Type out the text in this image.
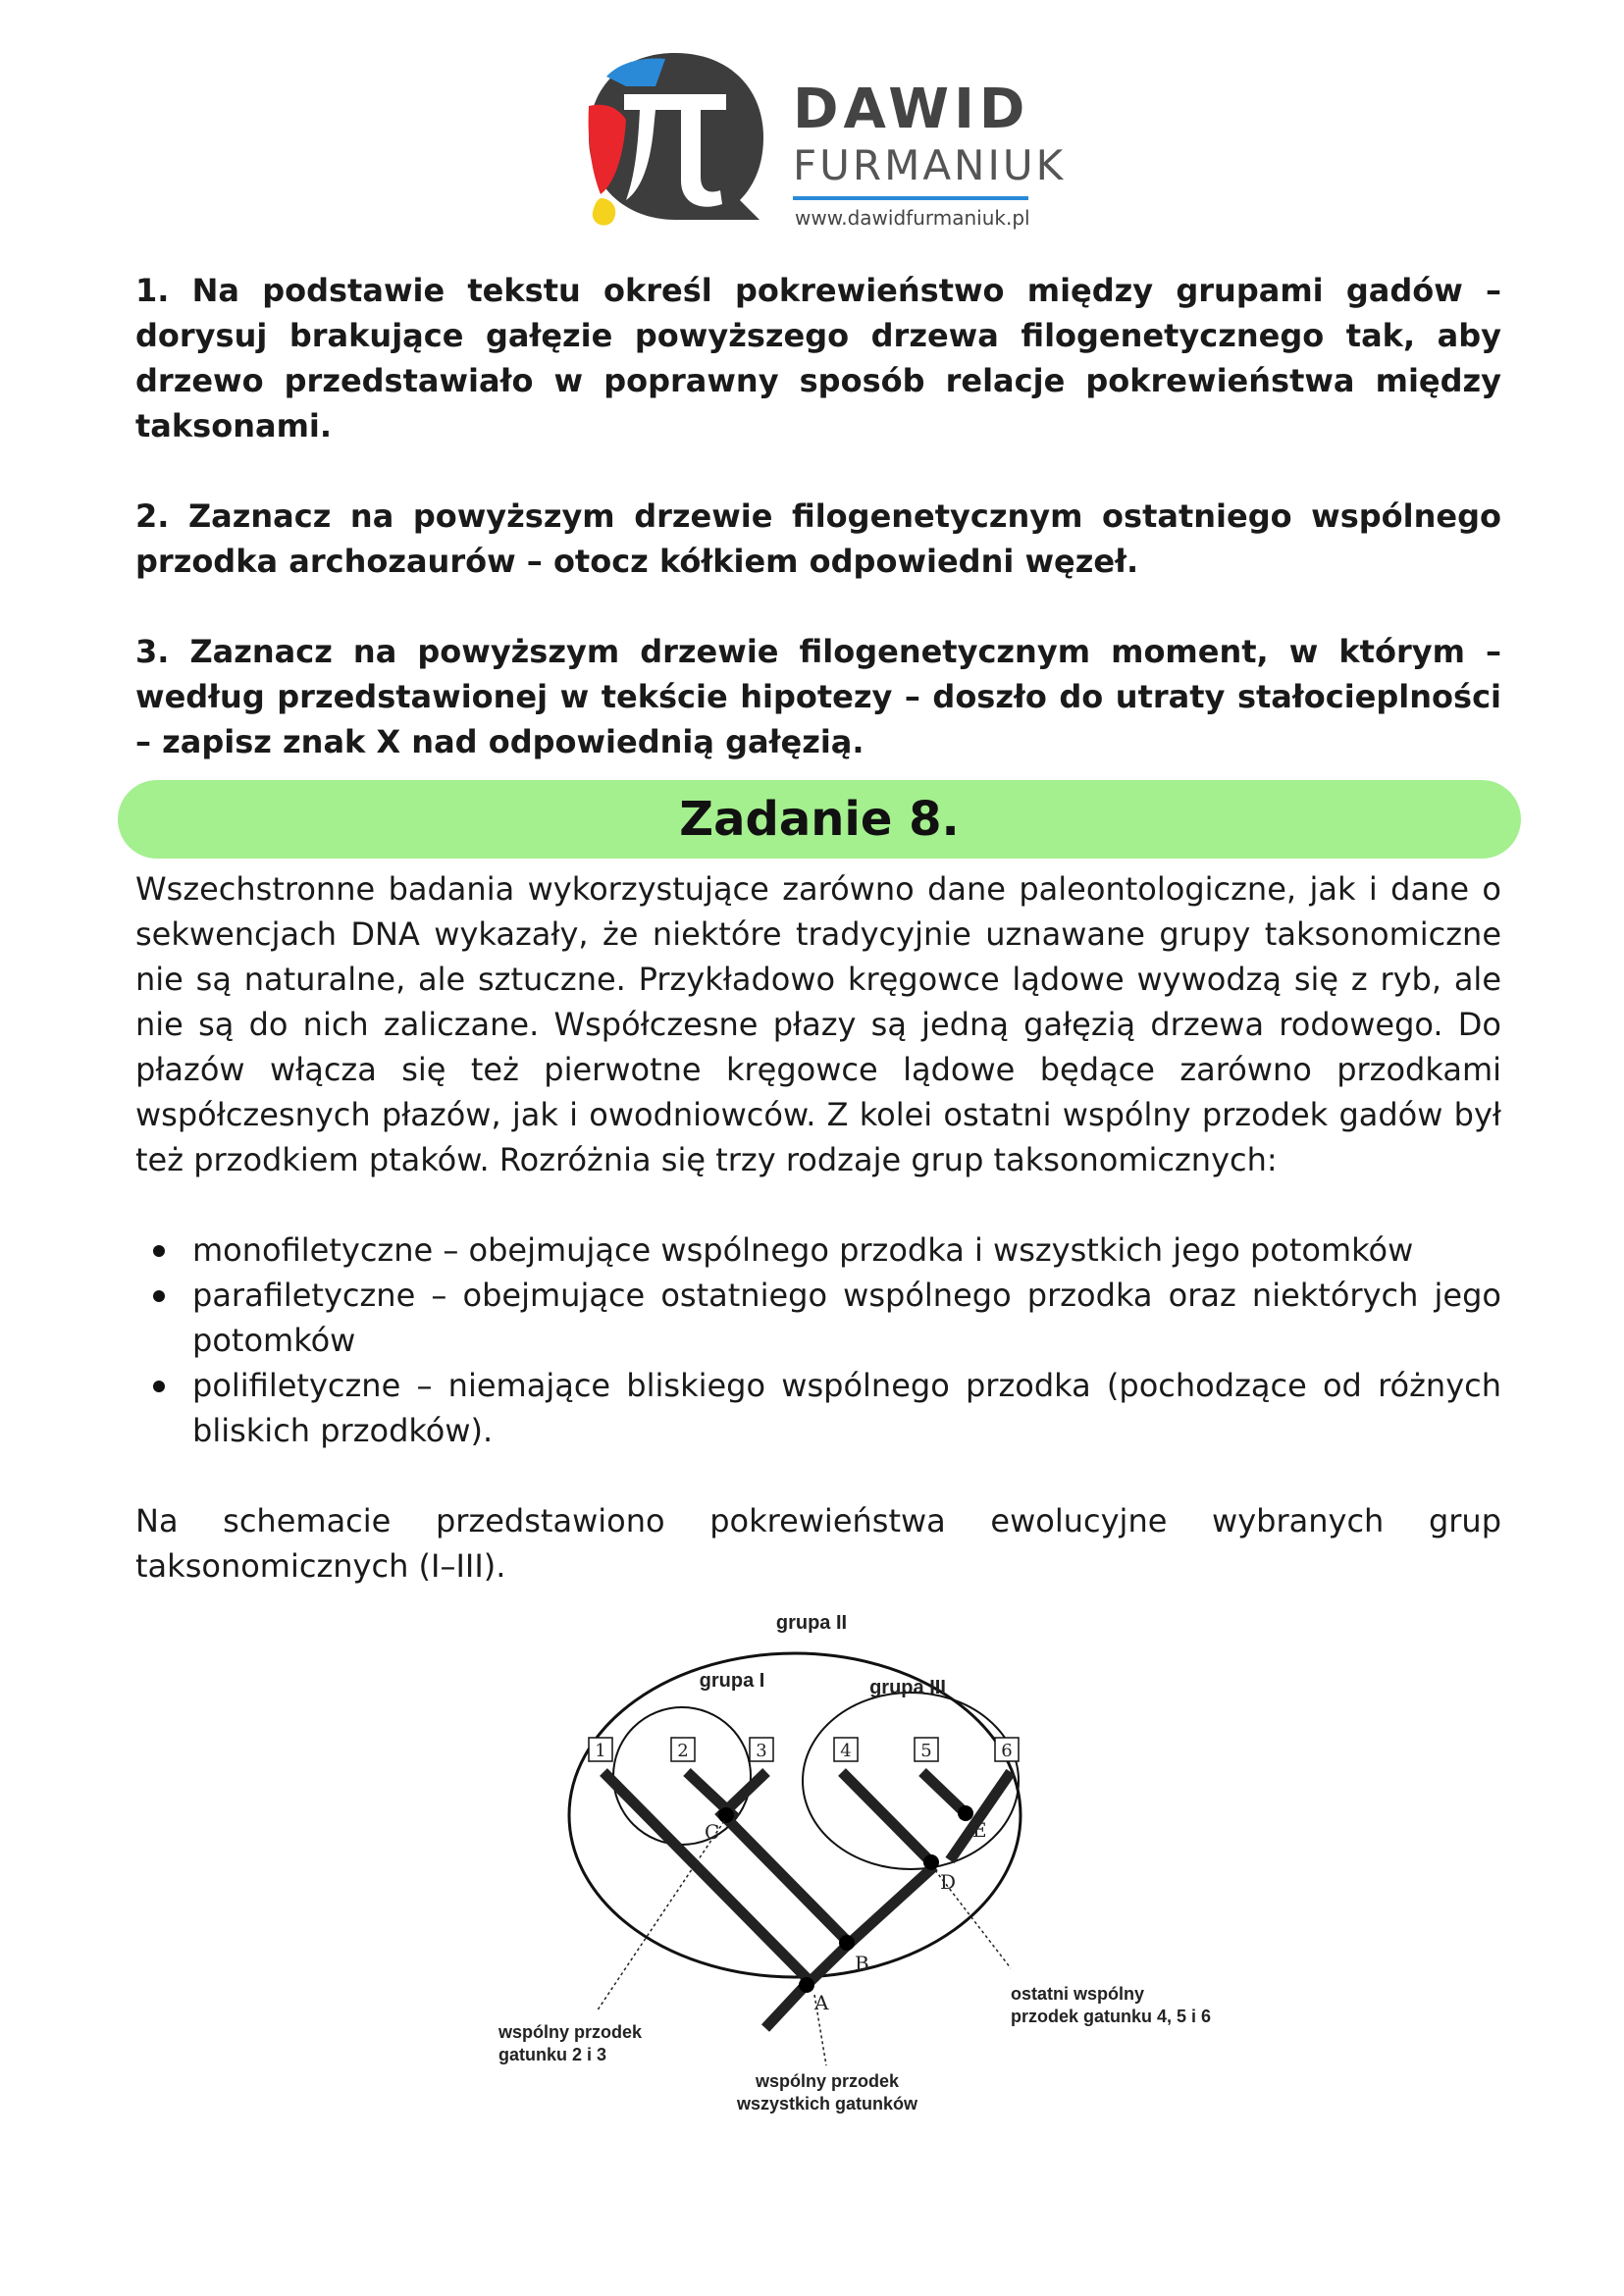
DAWID
FURMANIUK
www.dawidfurmaniuk.pl

1. Na podstawie tekstu określ pokrewieństwo między grupami gadów – dorysuj brakujące gałęzie powyższego drzewa filogenetycznego tak, aby drzewo przedstawiało w poprawny sposób relacje pokrewieństwa między taksonami.

2. Zaznacz na powyższym drzewie filogenetycznym ostatniego wspólnego przodka archozaurów – otocz kółkiem odpowiedni węzeł.

3. Zaznacz na powyższym drzewie filogenetycznym moment, w którym – według przedstawionej w tekście hipotezy – doszło do utraty stałocieplności – zapisz znak X nad odpowiednią gałęzią.

Zadanie 8.

Wszechstronne badania wykorzystujące zarówno dane paleontologiczne, jak i dane o sekwencjach DNA wykazały, że niektóre tradycyjnie uznawane grupy taksonomiczne nie są naturalne, ale sztuczne. Przykładowo kręgowce lądowe wywodzą się z ryb, ale nie są do nich zaliczane. Współczesne płazy są jedną gałęzią drzewa rodowego. Do płazów włącza się też pierwotne kręgowce lądowe będące zarówno przodkami współczesnych płazów, jak i owodniowców. Z kolei ostatni wspólny przodek gadów był też przodkiem ptaków. Rozróżnia się trzy rodzaje grup taksonomicznych:

monofiletyczne – obejmujące wspólnego przodka i wszystkich jego potomków
parafiletyczne – obejmujące ostatniego wspólnego przodka oraz niektórych jego potomków
polifiletyczne – niemające bliskiego wspólnego przodka (pochodzące od różnych bliskich przodków).

Na schemacie przedstawiono pokrewieństwa ewolucyjne wybranych grup taksonomicznych (I–III).

grupa II
grupa I	grupa III
1	2	3	4	5	6
C	E
D
B
A
wspólny przodek
gatunku 2 i 3
ostatni wspólny
przodek gatunku 4, 5 i 6
wspólny przodek
wszystkich gatunków
